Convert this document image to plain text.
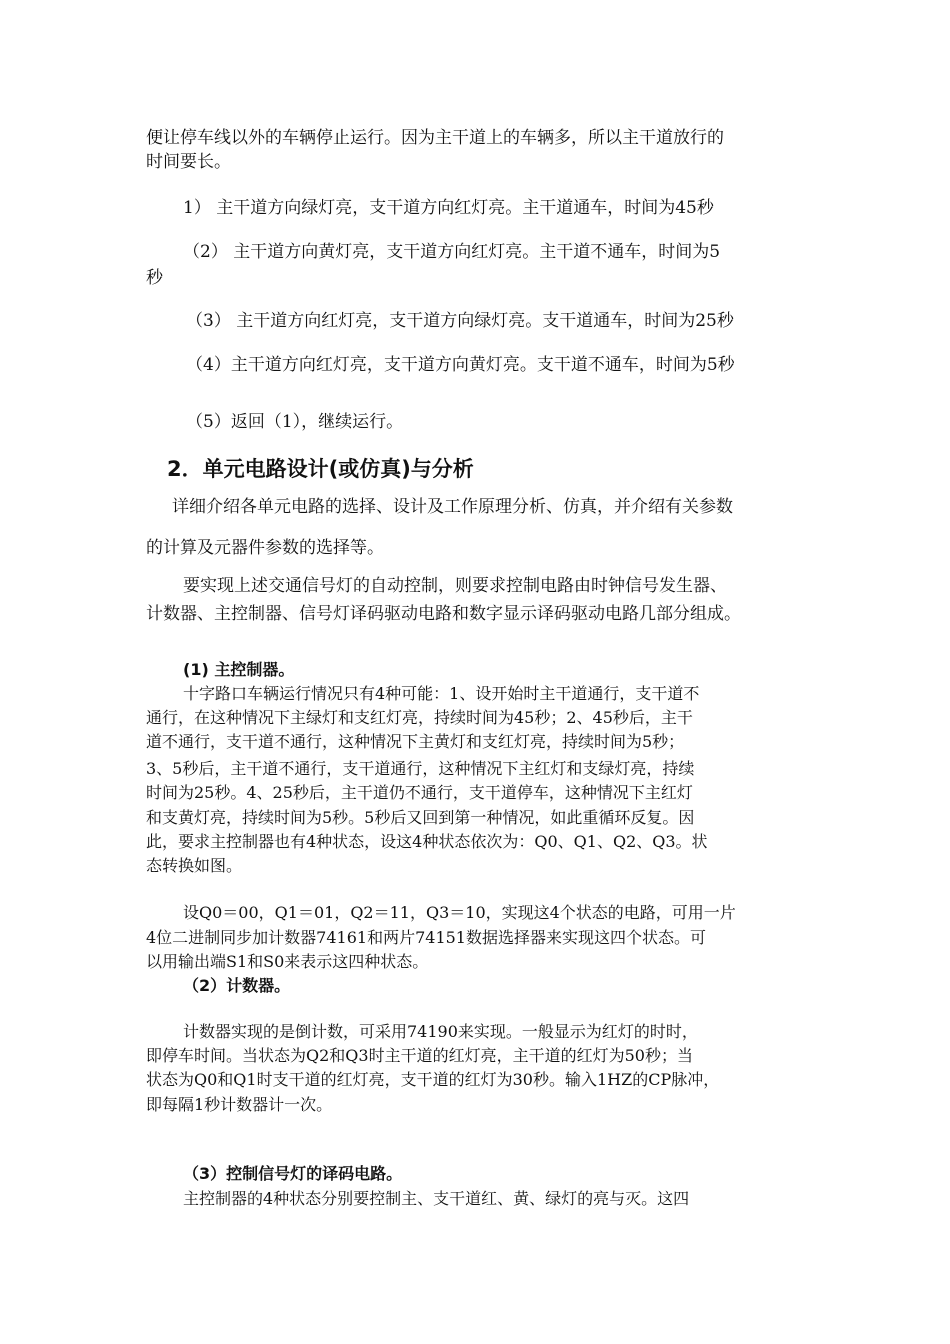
便让停车线以外的车辆停止运行。因为主干道上的车辆多，所以主干道放行的
时间要长。
1） 主干道方向绿灯亮，支干道方向红灯亮。主干道通车，时间为45秒
（2） 主干道方向黄灯亮，支干道方向红灯亮。主干道不通车，时间为5
秒
（3） 主干道方向红灯亮，支干道方向绿灯亮。支干道通车，时间为25秒
（4）主干道方向红灯亮，支干道方向黄灯亮。支干道不通车，时间为5秒
（5）返回（1），继续运行。
2．单元电路设计(或仿真)与分析
详细介绍各单元电路的选择、设计及工作原理分析、仿真，并介绍有关参数
的计算及元器件参数的选择等。
要实现上述交通信号灯的自动控制，则要求控制电路由时钟信号发生器、
计数器、主控制器、信号灯译码驱动电路和数字显示译码驱动电路几部分组成。
(1) 主控制器。
十字路口车辆运行情况只有4种可能：1、设开始时主干道通行，支干道不
通行，在这种情况下主绿灯和支红灯亮，持续时间为45秒；2、45秒后，主干
道不通行，支干道不通行，这种情况下主黄灯和支红灯亮，持续时间为5秒；
3、5秒后，主干道不通行，支干道通行，这种情况下主红灯和支绿灯亮，持续
时间为25秒。4、25秒后，主干道仍不通行，支干道停车，这种情况下主红灯
和支黄灯亮，持续时间为5秒。5秒后又回到第一种情况，如此重循环反复。因
此，要求主控制器也有4种状态，设这4种状态依次为：Q0、Q1、Q2、Q3。状
态转换如图。
设Q0＝00，Q1＝01，Q2＝11，Q3＝10，实现这4个状态的电路，可用一片
4位二进制同步加计数器74161和两片74151数据选择器来实现这四个状态。可
以用输出端S1和S0来表示这四种状态。
（2）计数器。
计数器实现的是倒计数，可采用74190来实现。一般显示为红灯的时时，
即停车时间。当状态为Q2和Q3时主干道的红灯亮，主干道的红灯为50秒；当
状态为Q0和Q1时支干道的红灯亮，支干道的红灯为30秒。输入1HZ的CP脉冲，
即每隔1秒计数器计一次。
（3）控制信号灯的译码电路。
主控制器的4种状态分别要控制主、支干道红、黄、绿灯的亮与灭。这四
